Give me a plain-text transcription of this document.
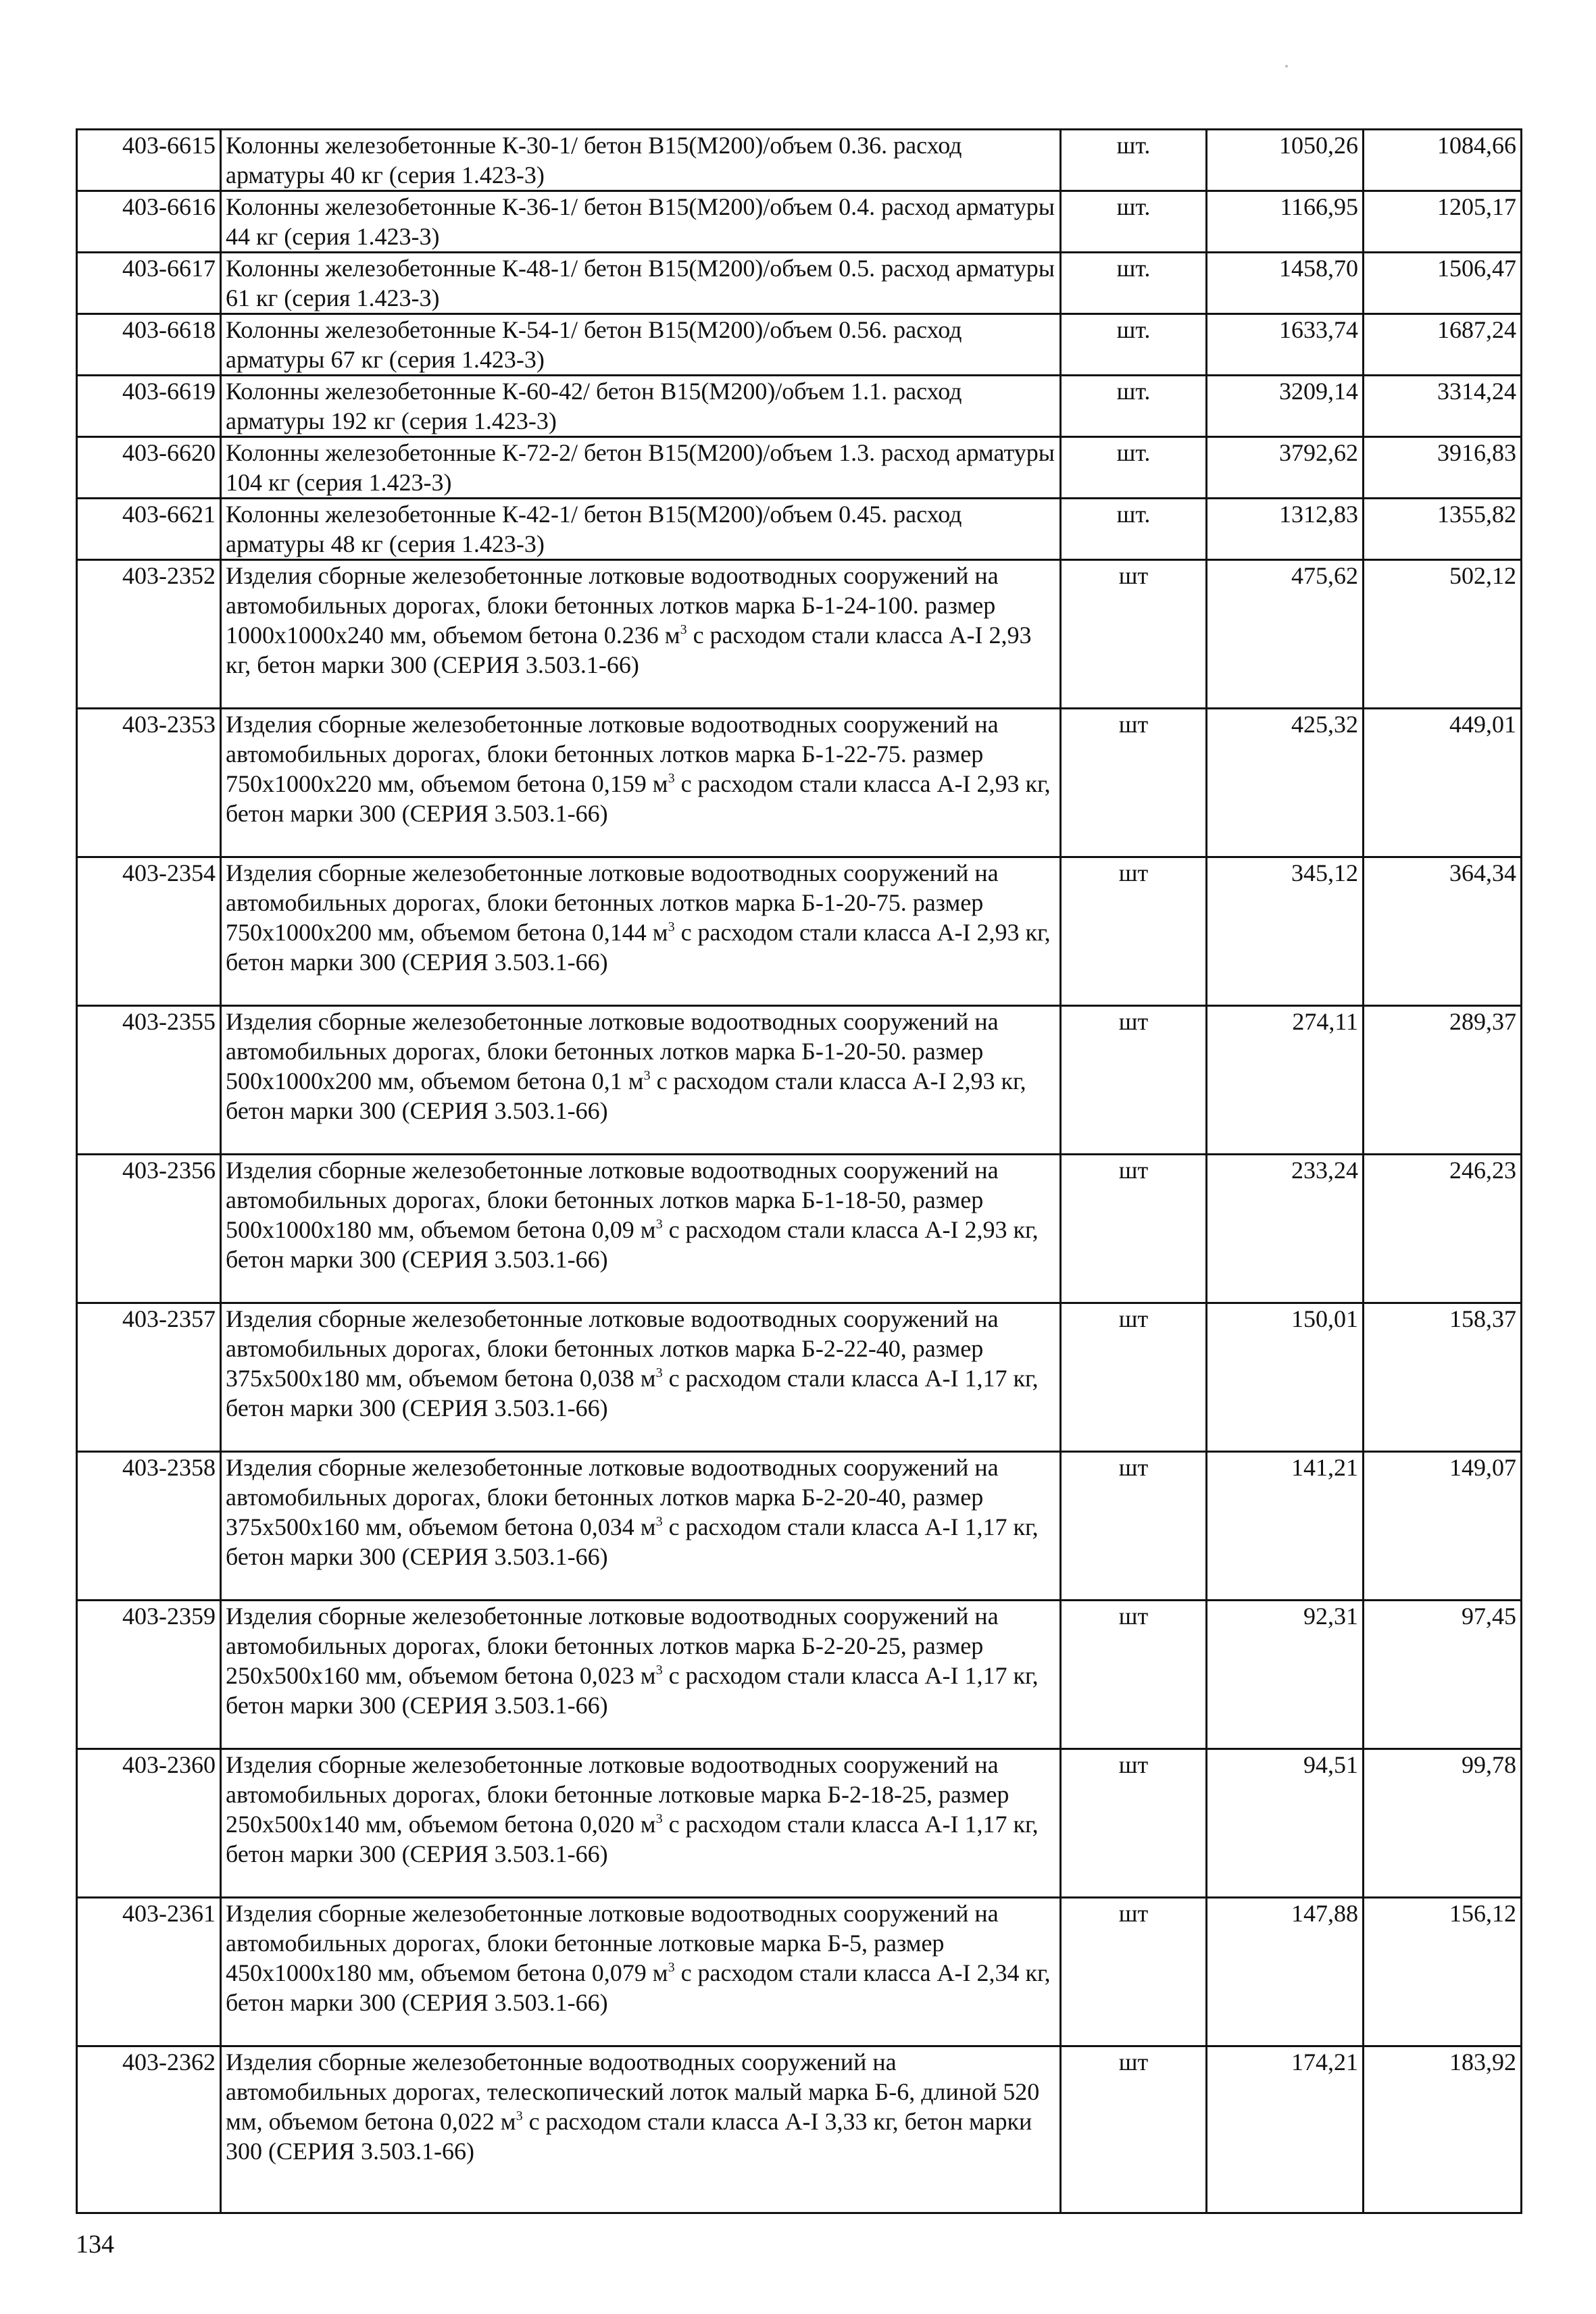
403-6615	Колонны железобетонные К-30-1/ бетон В15(М200)/объем 0.36. расход арматуры 40 кг (серия 1.423-3)	шт.	1050,26	1084,66
403-6616	Колонны железобетонные К-36-1/ бетон В15(М200)/объем 0.4. расход арматуры 44 кг (серия 1.423-3)	шт.	1166,95	1205,17
403-6617	Колонны железобетонные К-48-1/ бетон В15(М200)/объем 0.5. расход арматуры 61 кг (серия 1.423-3)	шт.	1458,70	1506,47
403-6618	Колонны железобетонные К-54-1/ бетон В15(М200)/объем 0.56. расход арматуры 67 кг (серия 1.423-3)	шт.	1633,74	1687,24
403-6619	Колонны железобетонные К-60-42/ бетон В15(М200)/объем 1.1. расход арматуры 192 кг (серия 1.423-3)	шт.	3209,14	3314,24
403-6620	Колонны железобетонные К-72-2/ бетон В15(М200)/объем 1.3. расход арматуры 104 кг (серия 1.423-3)	шт.	3792,62	3916,83
403-6621	Колонны железобетонные К-42-1/ бетон В15(М200)/объем 0.45. расход арматуры 48 кг (серия 1.423-3)	шт.	1312,83	1355,82
403-2352	Изделия сборные железобетонные лотковые водоотводных сооружений на автомобильных дорогах, блоки бетонных лотков марка Б-1-24-100. размер 1000x1000x240 мм, объемом бетона 0.236 $м^3$ с расходом стали класса А-I 2,93 кг, бетон марки 300 (СЕРИЯ 3.503.1-66)	шт	475,62	502,12
403-2353	Изделия сборные железобетонные лотковые водоотводных сооружений на автомобильных дорогах, блоки бетонных лотков марка Б-1-22-75. размер 750x1000x220 мм, объемом бетона 0,159 $м^3$ с расходом стали класса А-I 2,93 кг, бетон марки 300 (СЕРИЯ 3.503.1-66)	шт	425,32	449,01
403-2354	Изделия сборные железобетонные лотковые водоотводных сооружений на автомобильных дорогах, блоки бетонных лотков марка Б-1-20-75. размер 750x1000x200 мм, объемом бетона 0,144 $м^3$ с расходом стали класса А-I 2,93 кг, бетон марки 300 (СЕРИЯ 3.503.1-66)	шт	345,12	364,34
403-2355	Изделия сборные железобетонные лотковые водоотводных сооружений на автомобильных дорогах, блоки бетонных лотков марка Б-1-20-50. размер 500x1000x200 мм, объемом бетона 0,1 $м^3$ с расходом стали класса А-I 2,93 кг, бетон марки 300 (СЕРИЯ 3.503.1-66)	шт	274,11	289,37
403-2356	Изделия сборные железобетонные лотковые водоотводных сооружений на автомобильных дорогах, блоки бетонных лотков марка Б-1-18-50, размер 500x1000x180 мм, объемом бетона 0,09 $м^3$ с расходом стали класса А-I 2,93 кг, бетон марки 300 (СЕРИЯ 3.503.1-66)	шт	233,24	246,23
403-2357	Изделия сборные железобетонные лотковые водоотводных сооружений на автомобильных дорогах, блоки бетонных лотков марка Б-2-22-40, размер 375x500x180 мм, объемом бетона 0,038 $м^3$ с расходом стали класса А-I 1,17 кг, бетон марки 300 (СЕРИЯ 3.503.1-66)	шт	150,01	158,37
403-2358	Изделия сборные железобетонные лотковые водоотводных сооружений на автомобильных дорогах, блоки бетонных лотков марка Б-2-20-40, размер 375x500x160 мм, объемом бетона 0,034 $м^3$ с расходом стали класса А-I 1,17 кг, бетон марки 300 (СЕРИЯ 3.503.1-66)	шт	141,21	149,07
403-2359	Изделия сборные железобетонные лотковые водоотводных сооружений на автомобильных дорогах, блоки бетонных лотков марка Б-2-20-25, размер 250x500x160 мм, объемом бетона 0,023 $м^3$ с расходом стали класса А-I 1,17 кг, бетон марки 300 (СЕРИЯ 3.503.1-66)	шт	92,31	97,45
403-2360	Изделия сборные железобетонные лотковые водоотводных сооружений на автомобильных дорогах, блоки бетонные лотковые марка Б-2-18-25, размер 250x500x140 мм, объемом бетона 0,020 $м^3$ с расходом стали класса А-I 1,17 кг, бетон марки 300 (СЕРИЯ 3.503.1-66)	шт	94,51	99,78
403-2361	Изделия сборные железобетонные лотковые водоотводных сооружений на автомобильных дорогах, блоки бетонные лотковые марка Б-5, размер 450x1000x180 мм, объемом бетона 0,079 $м^3$ с расходом стали класса А-I 2,34 кг, бетон марки 300 (СЕРИЯ 3.503.1-66)	шт	147,88	156,12
403-2362	Изделия сборные железобетонные водоотводных сооружений на автомобильных дорогах, телескопический лоток малый марка Б-6, длиной 520 мм, объемом бетона 0,022 $м^3$ с расходом стали класса А-I 3,33 кг, бетон марки 300 (СЕРИЯ 3.503.1-66)	шт	174,21	183,92
134
